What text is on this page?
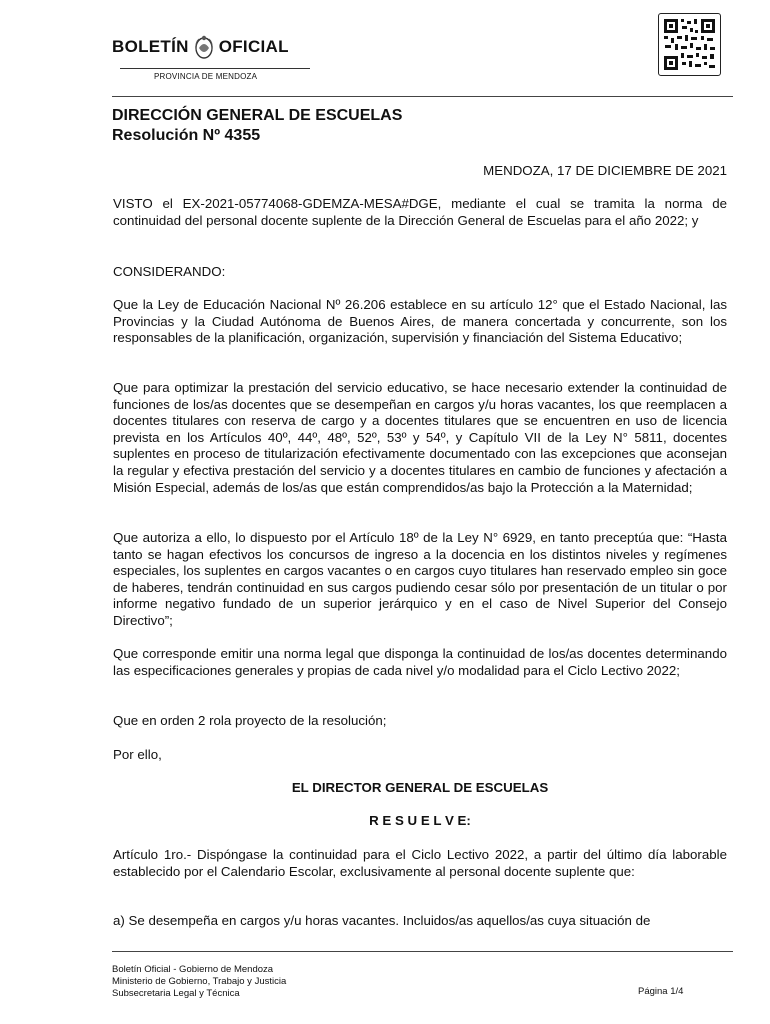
BOLETÍN OFICIAL
PROVINCIA DE MENDOZA
DIRECCIÓN GENERAL DE ESCUELAS
Resolución Nº 4355
MENDOZA, 17 DE DICIEMBRE DE 2021

VISTO el EX-2021-05774068-GDEMZA-MESA#DGE, mediante el cual se tramita la norma de continuidad del personal docente suplente de la Dirección General de Escuelas para el año 2022; y

CONSIDERANDO:

Que la Ley de Educación Nacional Nº 26.206 establece en su artículo 12° que el Estado Nacional, las Provincias y la Ciudad Autónoma de Buenos Aires, de manera concertada y concurrente, son los responsables de la planificación, organización, supervisión y financiación del Sistema Educativo;

Que para optimizar la prestación del servicio educativo, se hace necesario extender la continuidad de funciones de los/as docentes que se desempeñan en cargos y/u horas vacantes, los que reemplacen a docentes titulares con reserva de cargo y a docentes titulares que se encuentren en uso de licencia prevista en los Artículos 40º, 44º, 48º, 52º, 53º y 54º, y Capítulo VII de la Ley N° 5811, docentes suplentes en proceso de titularización efectivamente documentado con las excepciones que aconsejan la regular y efectiva prestación del servicio y a docentes titulares en cambio de funciones y afectación a Misión Especial, además de los/as que están comprendidos/as bajo la Protección a la Maternidad;

Que autoriza a ello, lo dispuesto por el Artículo 18º de la Ley N° 6929, en tanto preceptúa que: “Hasta tanto se hagan efectivos los concursos de ingreso a la docencia en los distintos niveles y regímenes especiales, los suplentes en cargos vacantes o en cargos cuyo titulares han reservado empleo sin goce de haberes, tendrán continuidad en sus cargos pudiendo cesar sólo por presentación de un titular o por informe negativo fundado de un superior jerárquico y en el caso de Nivel Superior del Consejo Directivo”;

Que corresponde emitir una norma legal que disponga la continuidad de los/as docentes determinando las especificaciones generales y propias de cada nivel y/o modalidad para el Ciclo Lectivo 2022;

Que en orden 2 rola proyecto de la resolución;
Por ello,
EL DIRECTOR GENERAL DE ESCUELAS
R E S U E L V E:

Artículo 1ro.- Dispóngase la continuidad para el Ciclo Lectivo 2022, a partir del último día laborable establecido por el Calendario Escolar, exclusivamente al personal docente suplente que:

a) Se desempeña en cargos y/u horas vacantes. Incluidos/as aquellos/as cuya situación de
Boletín Oficial - Gobierno de Mendoza
Ministerio de Gobierno, Trabajo y Justicia
Subsecretaria Legal y Técnica	Página 1/4
